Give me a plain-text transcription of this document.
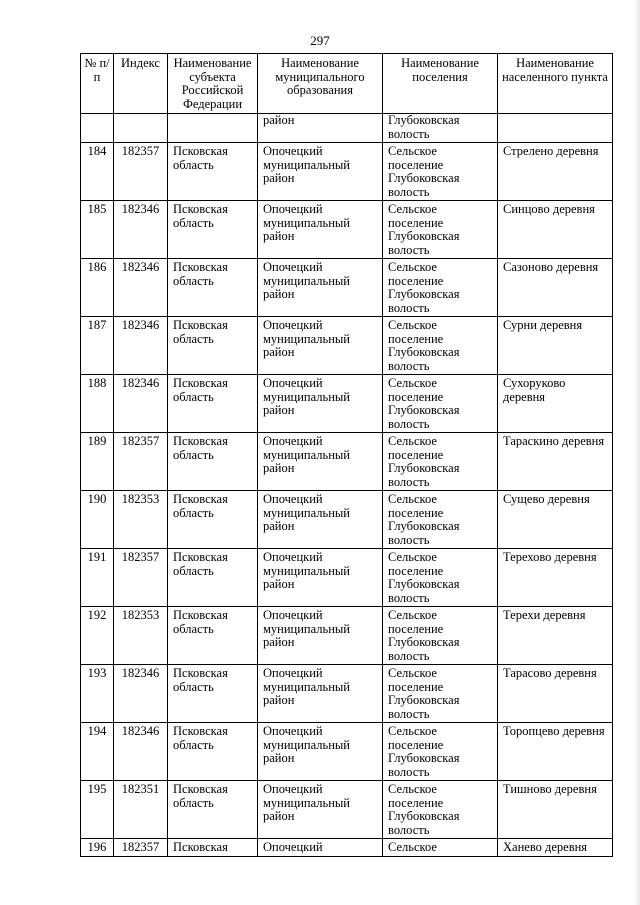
297
№ п/п	Индекс	Наименование субъекта Российской Федерации	Наименование муниципального образования	Наименование поселения	Наименование населенного пункта
			район	Глубоковская волость	
184	182357	Псковская область	Опочецкий муниципальный район	Сельское поселение Глубоковская волость	Стрелено деревня
185	182346	Псковская область	Опочецкий муниципальный район	Сельское поселение Глубоковская волость	Синцово деревня
186	182346	Псковская область	Опочецкий муниципальный район	Сельское поселение Глубоковская волость	Сазоново деревня
187	182346	Псковская область	Опочецкий муниципальный район	Сельское поселение Глубоковская волость	Сурни деревня
188	182346	Псковская область	Опочецкий муниципальный район	Сельское поселение Глубоковская волость	Сухоруково деревня
189	182357	Псковская область	Опочецкий муниципальный район	Сельское поселение Глубоковская волость	Тараскино деревня
190	182353	Псковская область	Опочецкий муниципальный район	Сельское поселение Глубоковская волость	Сущево деревня
191	182357	Псковская область	Опочецкий муниципальный район	Сельское поселение Глубоковская волость	Терехово деревня
192	182353	Псковская область	Опочецкий муниципальный район	Сельское поселение Глубоковская волость	Терехи деревня
193	182346	Псковская область	Опочецкий муниципальный район	Сельское поселение Глубоковская волость	Тарасово деревня
194	182346	Псковская область	Опочецкий муниципальный район	Сельское поселение Глубоковская волость	Торопцево деревня
195	182351	Псковская область	Опочецкий муниципальный район	Сельское поселение Глубоковская волость	Тишново деревня
196	182357	Псковская	Опочецкий	Сельское	Ханево деревня
